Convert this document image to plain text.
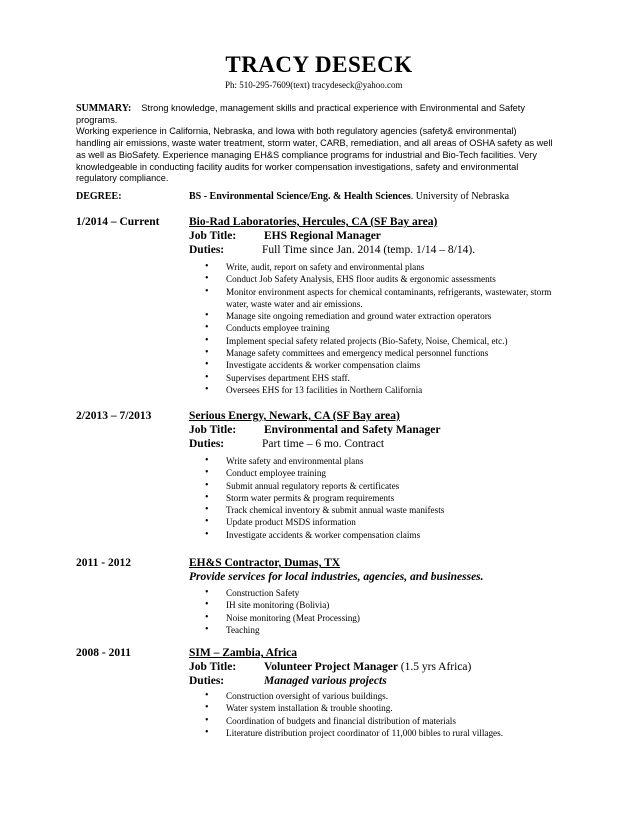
TRACY DESECK
Ph: 510-295-7609(text) tracydeseck@yahoo.com
SUMMARY: Strong knowledge, management skills and practical experience with Environmental and Safety
programs.
Working experience in California, Nebraska, and Iowa with both regulatory agencies (safety& environmental)
handling air emissions, waste water treatment, storm water, CARB, remediation, and all areas of OSHA safety as well
as well as BioSafety. Experience managing EH&S compliance programs for industrial and Bio-Tech facilities. Very
knowledgeable in conducting facility audits for worker compensation investigations, safety and environmental
regulatory compliance.
DEGREE:	BS - Environmental Science/Eng. & Health Sciences. University of Nebraska
1/2014 – Current	Bio-Rad Laboratories, Hercules, CA (SF Bay area)
Job Title: EHS Regional Manager
Duties:	Full Time since Jan. 2014 (temp. 1/14 – 8/14).
• Write, audit, report on safety and environmental plans
• Conduct Job Safety Analysis, EHS floor audits & ergonomic assessments
• Monitor environment aspects for chemical contaminants, refrigerants, wastewater, storm water, waste water and air emissions.
• Manage site ongoing remediation and ground water extraction operators
• Conducts employee training
• Implement special safety related projects (Bio-Safety, Noise, Chemical, etc.)
• Manage safety committees and emergency medical personnel functions
• Investigate accidents & worker compensation claims
• Supervises department EHS staff.
• Oversees EHS for 13 facilities in Northern California
2/2013 – 7/2013	Serious Energy, Newark, CA (SF Bay area)
Job Title: Environmental and Safety Manager
Duties:	Part time – 6 mo. Contract
• Write safety and environmental plans
• Conduct employee training
• Submit annual regulatory reports & certificates
• Storm water permits & program requirements
• Track chemical inventory & submit annual waste manifests
• Update product MSDS information
• Investigate accidents & worker compensation claims
2011 - 2012	EH&S Contractor, Dumas, TX
Provide services for local industries, agencies, and businesses.
• Construction Safety
• IH site monitoring (Bolivia)
• Noise monitoring (Meat Processing)
• Teaching
2008 - 2011	SIM – Zambia, Africa
Job Title: Volunteer Project Manager (1.5 yrs Africa)
Duties:	Managed various projects
• Construction oversight of various buildings.
• Water system installation & trouble shooting.
• Coordination of budgets and financial distribution of materials
• Literature distribution project coordinator of 11,000 bibles to rural villages.
